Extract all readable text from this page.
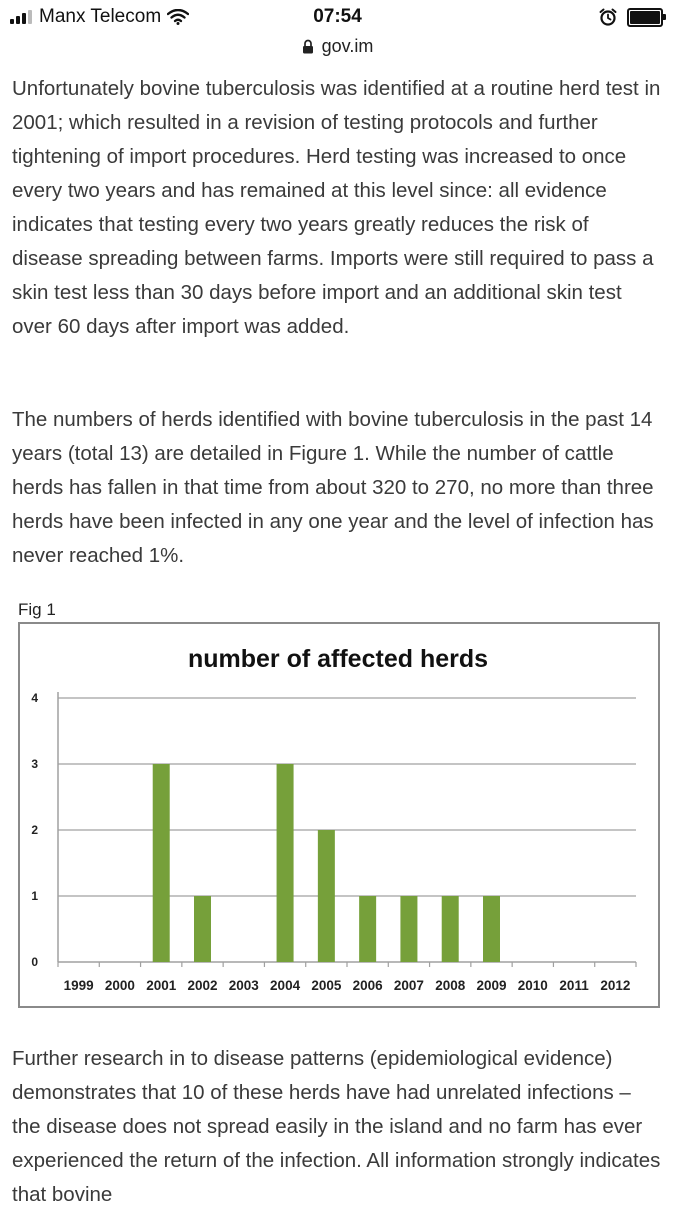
Manx Telecom	07:54
gov.im

Unfortunately bovine tuberculosis was identified at a routine herd test in 2001; which resulted in a revision of testing protocols and further tightening of import procedures. Herd testing was increased to once every two years and has remained at this level since: all evidence indicates that testing every two years greatly reduces the risk of disease spreading between farms. Imports were still required to pass a skin test less than 30 days before import and an additional skin test over 60 days after import was added.

The numbers of herds identified with bovine tuberculosis in the past 14 years (total 13) are detailed in Figure 1. While the number of cattle herds has fallen in that time from about 320 to 270, no more than three herds have been infected in any one year and the level of infection has never reached 1%.

Fig 1
number of affected herds
0
1
2
3
4
1999 2000 2001 2002 2003 2004 2005 2006 2007 2008 2009 2010 2011 2012

Further research in to disease patterns (epidemiological evidence) demonstrates that 10 of these herds have had unrelated infections – the disease does not spread easily in the island and no farm has ever experienced the return of the infection. All information strongly indicates that bovine
